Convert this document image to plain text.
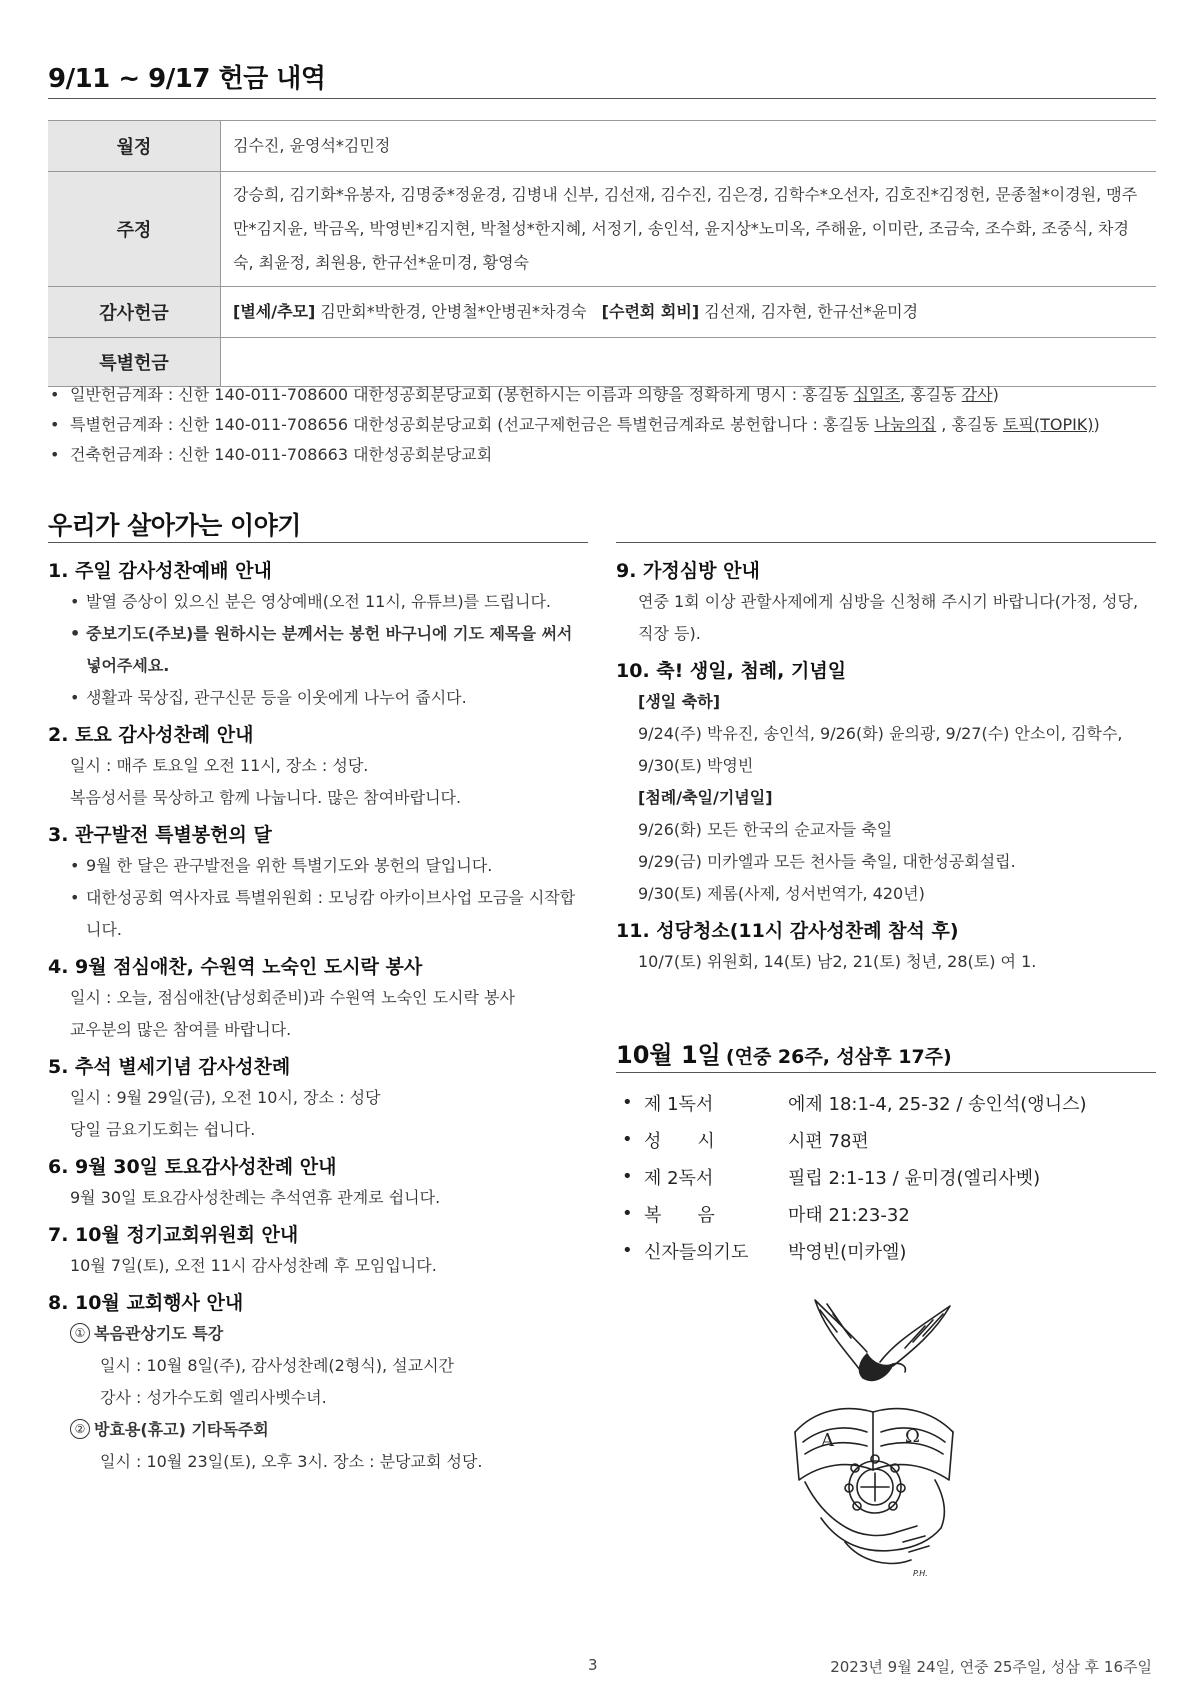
9/11 ~ 9/17 헌금 내역
월정	김수진, 윤영석*김민정
주정	강승희, 김기화*유봉자, 김명중*정윤경, 김병내 신부, 김선재, 김수진, 김은경, 김학수*오선자, 김호진*김정헌, 문종철*이경원, 맹주만*김지윤, 박금옥, 박영빈*김지현, 박철성*한지혜, 서정기, 송인석, 윤지상*노미옥, 주해윤, 이미란, 조금숙, 조수화, 조중식, 차경숙, 최윤정, 최원용, 한규선*윤미경, 황영숙
감사헌금	[별세/추모] 김만회*박한경, 안병철*안병권*차경숙 [수련회 회비] 김선재, 김자현, 한규선*윤미경
특별헌금	
• 일반헌금계좌 : 신한 140-011-708600 대한성공회분당교회 (봉헌하시는 이름과 의향을 정확하게 명시 : 홍길동 십일조, 홍길동 감사)
• 특별헌금계좌 : 신한 140-011-708656 대한성공회분당교회 (선교구제헌금은 특별헌금계좌로 봉헌합니다 : 홍길동 나눔의집 , 홍길동 토픽(TOPIK))
• 건축헌금계좌 : 신한 140-011-708663 대한성공회분당교회
우리가 살아가는 이야기
1. 주일 감사성찬예배 안내
• 발열 증상이 있으신 분은 영상예배(오전 11시, 유튜브)를 드립니다.
• 중보기도(주보)를 원하시는 분께서는 봉헌 바구니에 기도 제목을 써서 넣어주세요.
• 생활과 묵상집, 관구신문 등을 이웃에게 나누어 줍시다.
2. 토요 감사성찬례 안내
일시 : 매주 토요일 오전 11시, 장소 : 성당.
복음성서를 묵상하고 함께 나눕니다. 많은 참여바랍니다.
3. 관구발전 특별봉헌의 달
• 9월 한 달은 관구발전을 위한 특별기도와 봉헌의 달입니다.
• 대한성공회 역사자료 특별위원회 : 모닝캄 아카이브사업 모금을 시작합니다.
4. 9월 점심애찬, 수원역 노숙인 도시락 봉사
일시 : 오늘, 점심애찬(남성회준비)과 수원역 노숙인 도시락 봉사
교우분의 많은 참여를 바랍니다.
5. 추석 별세기념 감사성찬례
일시 : 9월 29일(금), 오전 10시, 장소 : 성당
당일 금요기도회는 쉽니다.
6. 9월 30일 토요감사성찬례 안내
9월 30일 토요감사성찬례는 추석연휴 관계로 쉽니다.
7. 10월 정기교회위원회 안내
10월 7일(토), 오전 11시 감사성찬례 후 모임입니다.
8. 10월 교회행사 안내
① 복음관상기도 특강
일시 : 10월 8일(주), 감사성찬례(2형식), 설교시간
강사 : 성가수도회 엘리사벳수녀.
② 방효용(휴고) 기타독주회
일시 : 10월 23일(토), 오후 3시. 장소 : 분당교회 성당.
9. 가정심방 안내
연중 1회 이상 관할사제에게 심방을 신청해 주시기 바랍니다(가정, 성당, 직장 등).
10. 축! 생일, 첨례, 기념일
[생일 축하]
9/24(주) 박유진, 송인석, 9/26(화) 윤의광, 9/27(수) 안소이, 김학수, 9/30(토) 박영빈
[첨례/축일/기념일]
9/26(화) 모든 한국의 순교자들 축일
9/29(금) 미카엘과 모든 천사들 축일, 대한성공회설립.
9/30(토) 제롬(사제, 성서번역가, 420년)
11. 성당청소(11시 감사성찬례 참석 후)
10/7(토) 위원회, 14(토) 남2, 21(토) 청년, 28(토) 여 1.
10월 1일 (연중 26주, 성삼후 17주)
•	제 1독서	에제 18:1-4, 25-32 / 송인석(앵니스)
•	성　　시	시편 78편
•	제 2독서	필립 2:1-13 / 윤미경(엘리사벳)
•	복　　음	마태 21:23-32
•	신자들의기도	박영빈(미카엘)
A	Ω
P.H.
3	2023년 9월 24일, 연중 25주일, 성삼 후 16주일
